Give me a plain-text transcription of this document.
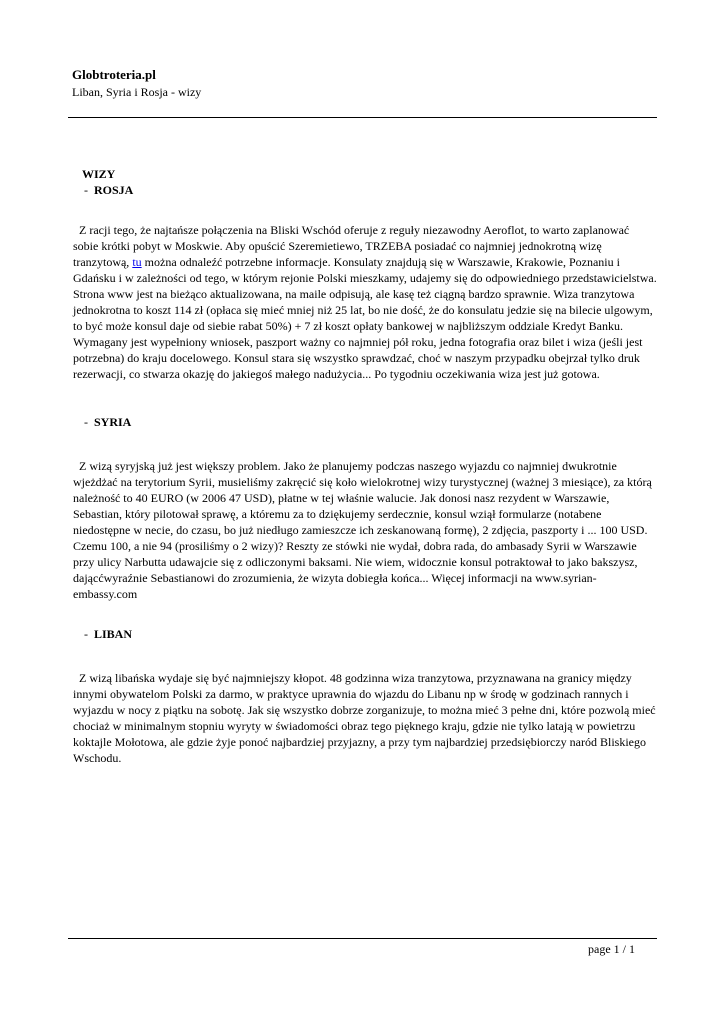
Globtroteria.pl
Liban, Syria i Rosja - wizy
WIZY
- ROSJA

Z racji tego, że najtańsze połączenia na Bliski Wschód oferuje z reguły niezawodny Aeroflot, to warto zaplanować sobie krótki pobyt w Moskwie. Aby opuścić Szeremietiewo, TRZEBA posiadać co najmniej jednokrotną wizę tranzytową, tu można odnaleźć potrzebne informacje. Konsulaty znajdują się w Warszawie, Krakowie, Poznaniu i Gdańsku i w zależności od tego, w którym rejonie Polski mieszkamy, udajemy się do odpowiedniego przedstawicielstwa. Strona www jest na bieżąco aktualizowana, na maile odpisują, ale kasę też ciągną bardzo sprawnie. Wiza tranzytowa jednokrotna to koszt 114 zł (opłaca się mieć mniej niż 25 lat, bo nie dość, że do konsulatu jedzie się na bilecie ulgowym, to być może konsul daje od siebie rabat 50%) + 7 zł koszt opłaty bankowej w najbliższym oddziale Kredyt Banku. Wymagany jest wypełniony wniosek, paszport ważny co najmniej pół roku, jedna fotografia oraz bilet i wiza (jeśli jest potrzebna) do kraju docelowego. Konsul stara się wszystko sprawdzać, choć w naszym przypadku obejrzał tylko druk rezerwacji, co stwarza okazję do jakiegoś małego nadużycia... Po tygodniu oczekiwania wiza jest już gotowa.

- SYRIA

Z wizą syryjską już jest większy problem. Jako że planujemy podczas naszego wyjazdu co najmniej dwukrotnie wjeżdżać na terytorium Syrii, musieliśmy zakręcić się koło wielokrotnej wizy turystycznej (ważnej 3 miesiące), za którą należność to 40 EURO (w 2006 47 USD), płatne w tej właśnie walucie. Jak donosi nasz rezydent w Warszawie, Sebastian, który pilotował sprawę, a któremu za to dziękujemy serdecznie, konsul wziął formularze (notabene niedostępne w necie, do czasu, bo już niedługo zamieszcze ich zeskanowaną formę), 2 zdjęcia, paszporty i ... 100 USD. Czemu 100, a nie 94 (prosiliśmy o 2 wizy)? Reszty ze stówki nie wydał, dobra rada, do ambasady Syrii w Warszawie przy ulicy Narbutta udawajcie się z odliczonymi baksami. Nie wiem, widocznie konsul potraktował to jako bakszysz, dającćwyraźnie Sebastianowi do zrozumienia, że wizyta dobiegła końca... Więcej informacji na www.syrian-embassy.com

- LIBAN

Z wizą libańska wydaje się być najmniejszy kłopot. 48 godzinna wiza tranzytowa, przyznawana na granicy między innymi obywatelom Polski za darmo, w praktyce uprawnia do wjazdu do Libanu np w środę w godzinach rannych i wyjazdu w nocy z piątku na sobotę. Jak się wszystko dobrze zorganizuje, to można mieć 3 pełne dni, które pozwolą mieć chociaż w minimalnym stopniu wyryty w świadomości obraz tego pięknego kraju, gdzie nie tylko latają w powietrzu koktajle Mołotowa, ale gdzie żyje ponoć najbardziej przyjazny, a przy tym najbardziej przedsiębiorczy naród Bliskiego Wschodu.

page 1 / 1
